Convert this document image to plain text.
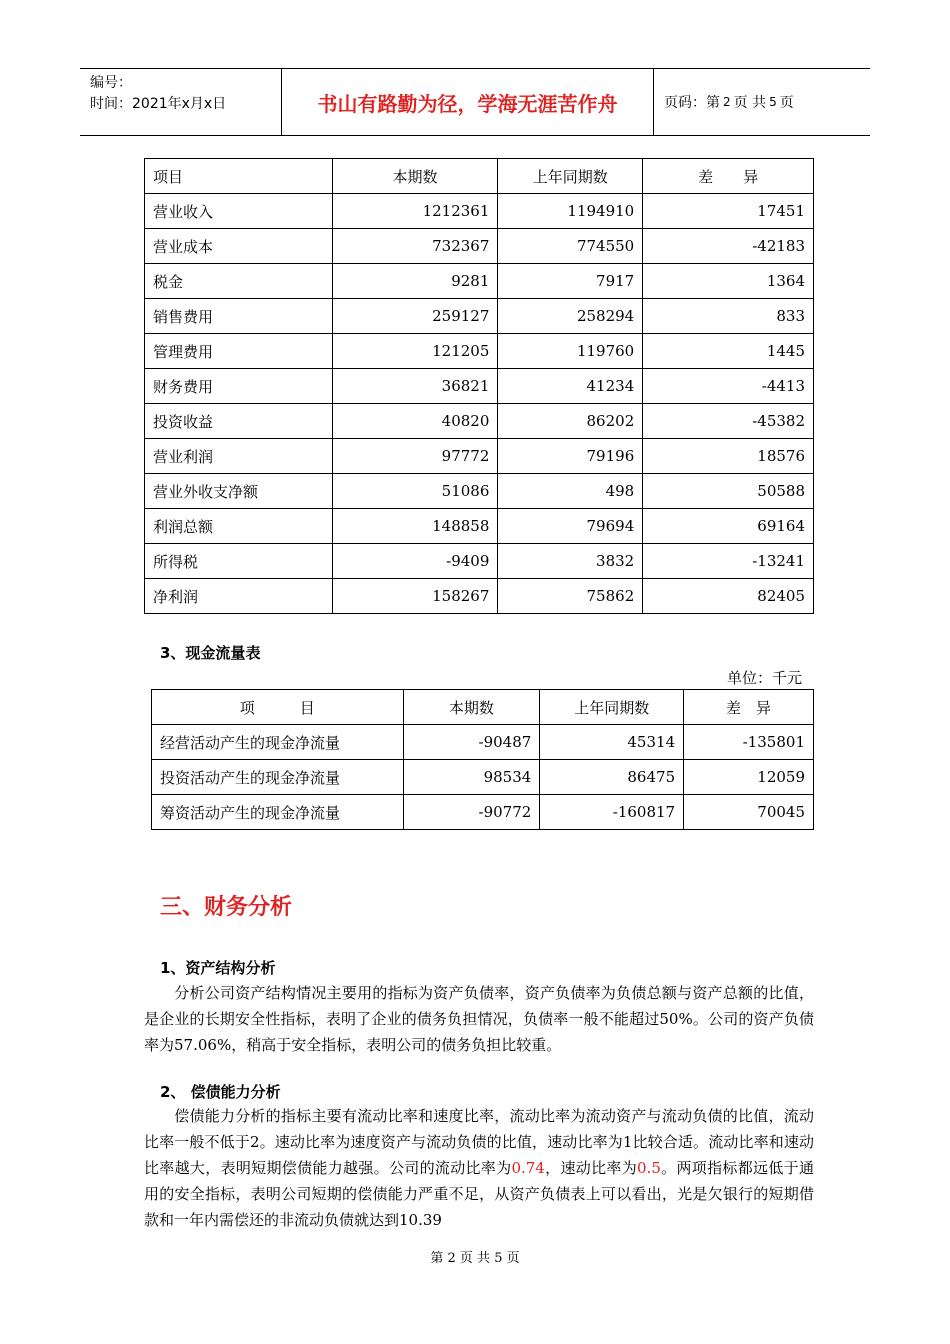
编号：
时间：2021年x月x日	书山有路勤为径，学海无涯苦作舟	页码：第 2 页 共 5 页
项目	本期数	上年同期数	差　　异
营业收入	1212361	1194910	17451
营业成本	732367	774550	-42183
税金	9281	7917	1364
销售费用	259127	258294	833
管理费用	121205	119760	1445
财务费用	36821	41234	-4413
投资收益	40820	86202	-45382
营业利润	97772	79196	18576
营业外收支净额	51086	498	50588
利润总额	148858	79694	69164
所得税	-9409	3832	-13241
净利润	158267	75862	82405
3、现金流量表
单位：千元
项　　　目	本期数	上年同期数	差　异
经营活动产生的现金净流量	-90487	45314	-135801
投资活动产生的现金净流量	98534	86475	12059
筹资活动产生的现金净流量	-90772	-160817	70045
三、财务分析
1、资产结构分析
分析公司资产结构情况主要用的指标为资产负债率，资产负债率为负债总额与资产总额的比值，是企业的长期安全性指标，表明了企业的债务负担情况，负债率一般不能超过50%。公司的资产负债率为57.06%，稍高于安全指标，表明公司的债务负担比较重。
2、 偿债能力分析
偿债能力分析的指标主要有流动比率和速度比率，流动比率为流动资产与流动负债的比值，流动比率一般不低于2。速动比率为速度资产与流动负债的比值，速动比率为1比较合适。流动比率和速动比率越大，表明短期偿债能力越强。公司的流动比率为0.74，速动比率为0.5。两项指标都远低于通用的安全指标，表明公司短期的偿债能力严重不足，从资产负债表上可以看出，光是欠银行的短期借款和一年内需偿还的非流动负债就达到10.39
第 2 页 共 5 页
